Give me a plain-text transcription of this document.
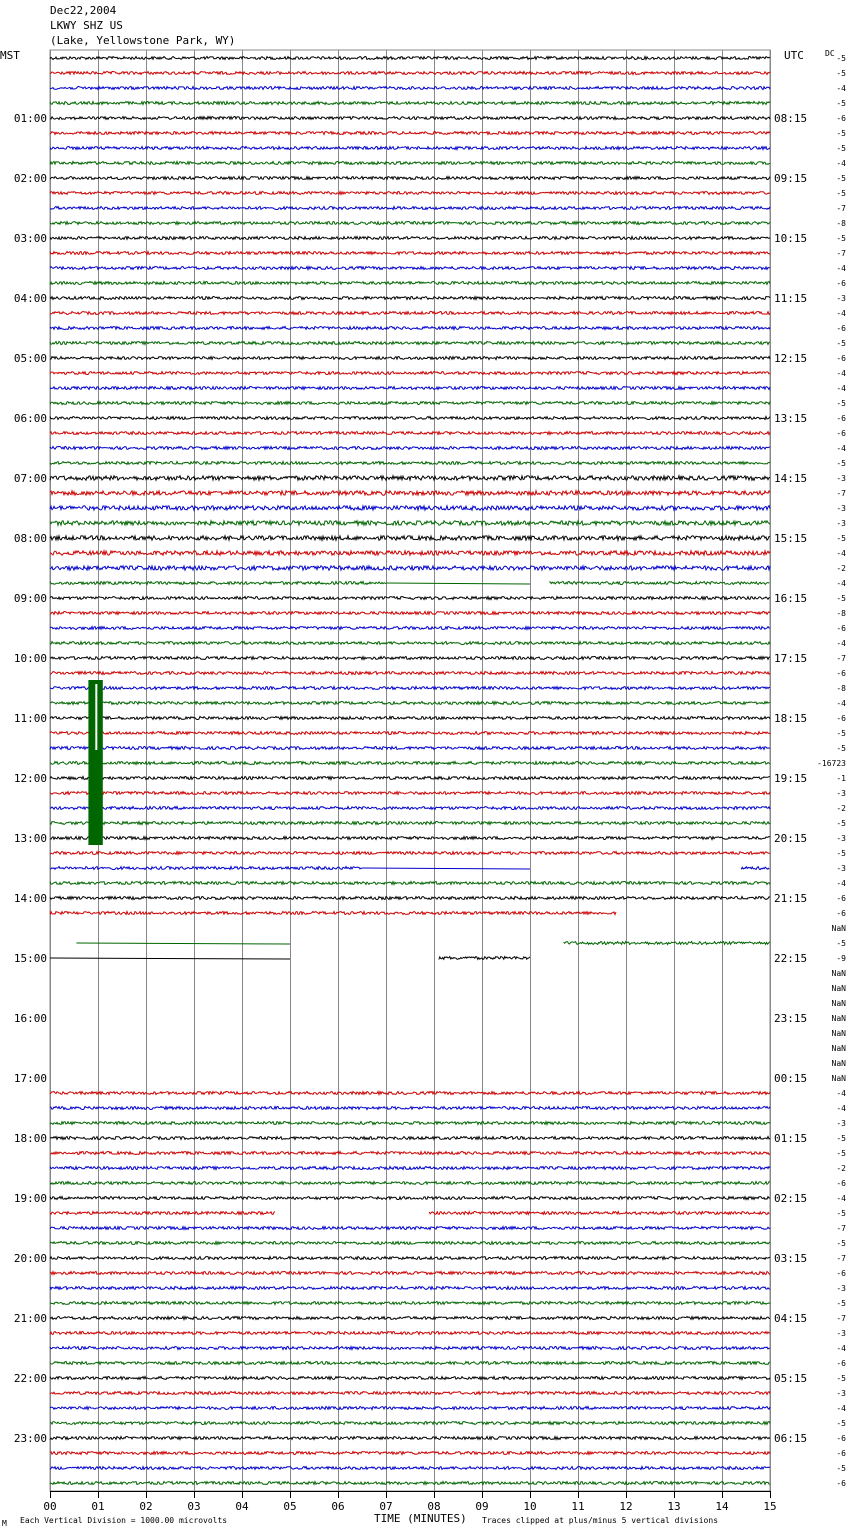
Dec22,2004
LKWY SHZ US
(Lake, Yellowstone Park, WY)
MST	UTC	DC
00	01	02	03	04	05	06	07	08	09	10	11	12	13	14	15
-5
-5
-4
-5
-6
-5
-5
-4
-5
-5
-7
-8
-5
-7
-4
-6
-3
-4
-6
-5
-6
-4
-4
-5
-6
-6
-4
-5
-3
-7
-3
-3
-5
-4
-2
-4
-5
-8
-6
-4
-7
-6
-8
-4
-6
-5
-5
-16723
-1
-3
-2
-5
-3
-5
-3
-4
-6
-6
NaN
-5
-9
NaN
NaN
NaN
NaN
NaN
NaN
NaN
NaN
-4
-4
-3
-5
-5
-2
-6
-4
-5
-7
-5
-7
-6
-3
-5
-7
-3
-4
-6
-5
-3
-4
-5
-6
-6
-5
-6
01:00	08:15
02:00	09:15
03:00	10:15
04:00	11:15
05:00	12:15
06:00	13:15
07:00	14:15
08:00	15:15
09:00	16:15
10:00	17:15
11:00	18:15
12:00	19:15
13:00	20:15
14:00	21:15
15:00	22:15
16:00	23:15
17:00	00:15
18:00	01:15
19:00	02:15
20:00	03:15
21:00	04:15
22:00	05:15
23:00	06:15
M Each Vertical Division = 1000.00 microvolts	TIME (MINUTES) Traces clipped at plus/minus 5 vertical divisions
